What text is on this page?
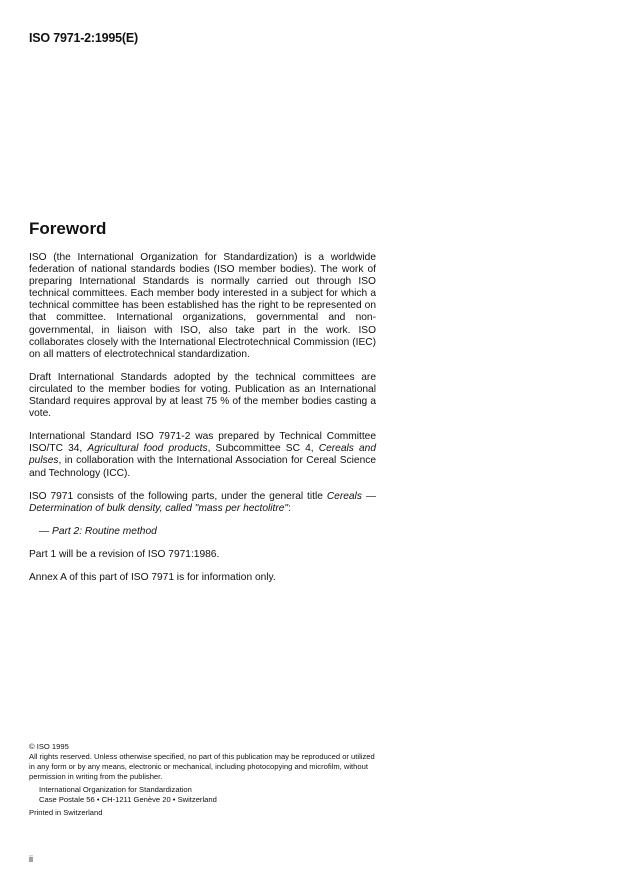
ISO 7971-2:1995(E)
Foreword

ISO (the International Organization for Standardization) is a worldwide federation of national standards bodies (ISO member bodies). The work of preparing International Standards is normally carried out through ISO technical committees. Each member body interested in a subject for which a technical committee has been established has the right to be represented on that committee. International organizations, governmental and non-governmental, in liaison with ISO, also take part in the work. ISO collaborates closely with the International Electrotechnical Commission (IEC) on all matters of electrotechnical standardization.

Draft International Standards adopted by the technical committees are circulated to the member bodies for voting. Publication as an International Standard requires approval by at least 75 % of the member bodies casting a vote.

International Standard ISO 7971-2 was prepared by Technical Committee ISO/TC 34, Agricultural food products, Subcommittee SC 4, Cereals and pulses, in collaboration with the International Association for Cereal Science and Technology (ICC).

ISO 7971 consists of the following parts, under the general title Cereals — Determination of bulk density, called "mass per hectolitre":

— Part 2: Routine method

Part 1 will be a revision of ISO 7971:1986.

Annex A of this part of ISO 7971 is for information only.

© ISO 1995

All rights reserved. Unless otherwise specified, no part of this publication may be reproduced or utilized in any form or by any means, electronic or mechanical, including photocopying and microfilm, without permission in writing from the publisher.

International Organization for Standardization

Case Postale 56 • CH-1211 Genève 20 • Switzerland

Printed in Switzerland

ii
